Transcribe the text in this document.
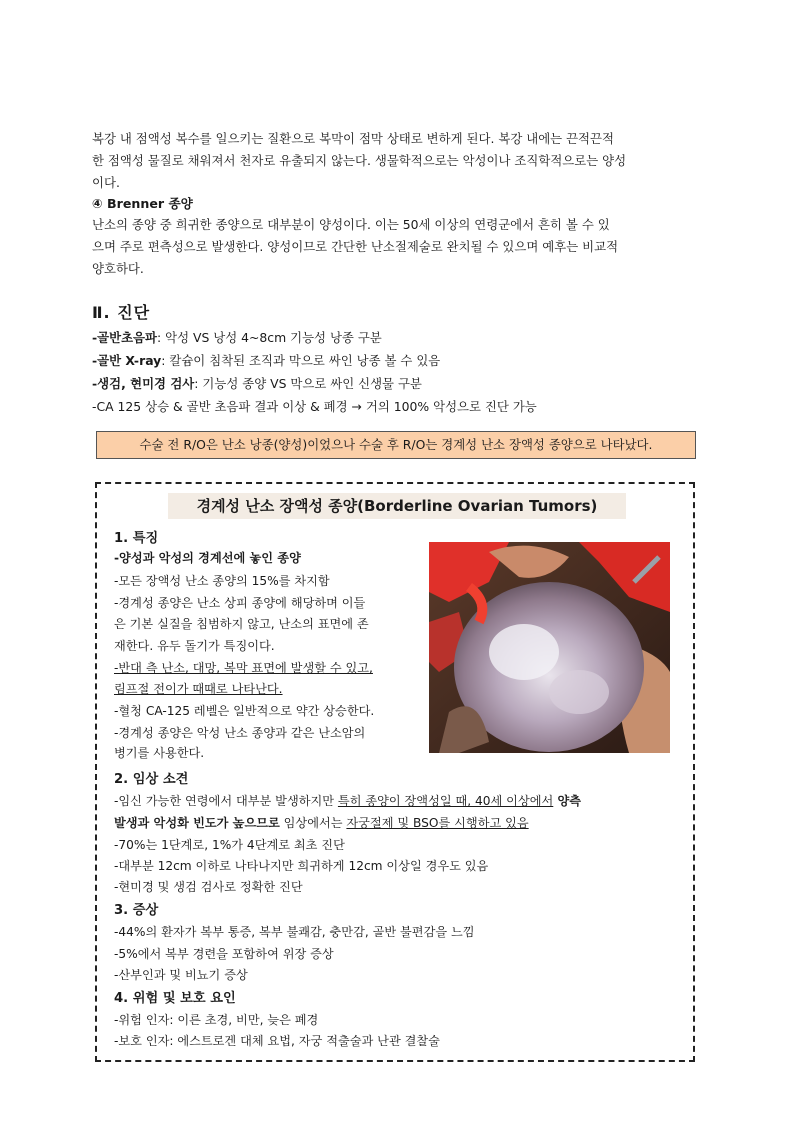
복강 내 점액성 복수를 일으키는 질환으로 복막이 점막 상태로 변하게 된다. 복강 내에는 끈적끈적
한 점액성 물질로 채워져서 천자로 유출되지 않는다. 생물학적으로는 악성이나 조직학적으로는 양성
이다.
④ Brenner 종양
난소의 종양 중 희귀한 종양으로 대부분이 양성이다. 이는 50세 이상의 연령군에서 흔히 볼 수 있
으며 주로 편측성으로 발생한다. 양성이므로 간단한 난소절제술로 완치될 수 있으며 예후는 비교적
양호하다.
Ⅱ. 진단
-골반초음파: 악성 VS 낭성 4~8cm 기능성 낭종 구분
-골반 X-ray: 칼슘이 침착된 조직과 막으로 싸인 낭종 볼 수 있음
-생검, 현미경 검사: 기능성 종양 VS 막으로 싸인 신생물 구분
-CA 125 상승 & 골반 초음파 결과 이상 & 폐경 → 거의 100% 악성으로 진단 가능
수술 전 R/O은 난소 낭종(양성)이었으나 수술 후 R/O는 경계성 난소 장액성 종양으로 나타났다.
경계성 난소 장액성 종양(Borderline Ovarian Tumors)
1. 특징
-양성과 악성의 경계선에 놓인 종양
-모든 장액성 난소 종양의 15%를 차지함
-경계성 종양은 난소 상피 종양에 해당하며 이들
은 기본 실질을 침범하지 않고, 난소의 표면에 존
재한다. 유두 돌기가 특징이다.
-반대 측 난소, 대망, 복막 표면에 발생할 수 있고,
림프절 전이가 때때로 나타난다.
-혈청 CA-125 레벨은 일반적으로 약간 상승한다.
-경계성 종양은 악성 난소 종양과 같은 난소암의
병기를 사용한다.
2. 임상 소견
-임신 가능한 연령에서 대부분 발생하지만 특히 종양이 장액성일 때, 40세 이상에서 양측
발생과 악성화 빈도가 높으므로 임상에서는 자궁절제 및 BSO를 시행하고 있음
-70%는 1단계로, 1%가 4단계로 최초 진단
-대부분 12cm 이하로 나타나지만 희귀하게 12cm 이상일 경우도 있음
-현미경 및 생검 검사로 정확한 진단
3. 증상
-44%의 환자가 복부 통증, 복부 불쾌감, 충만감, 골반 불편감을 느낌
-5%에서 복부 경련을 포함하여 위장 증상
-산부인과 및 비뇨기 증상
4. 위험 및 보호 요인
-위험 인자: 이른 초경, 비만, 늦은 폐경
-보호 인자: 에스트로겐 대체 요법, 자궁 적출술과 난관 결찰술
